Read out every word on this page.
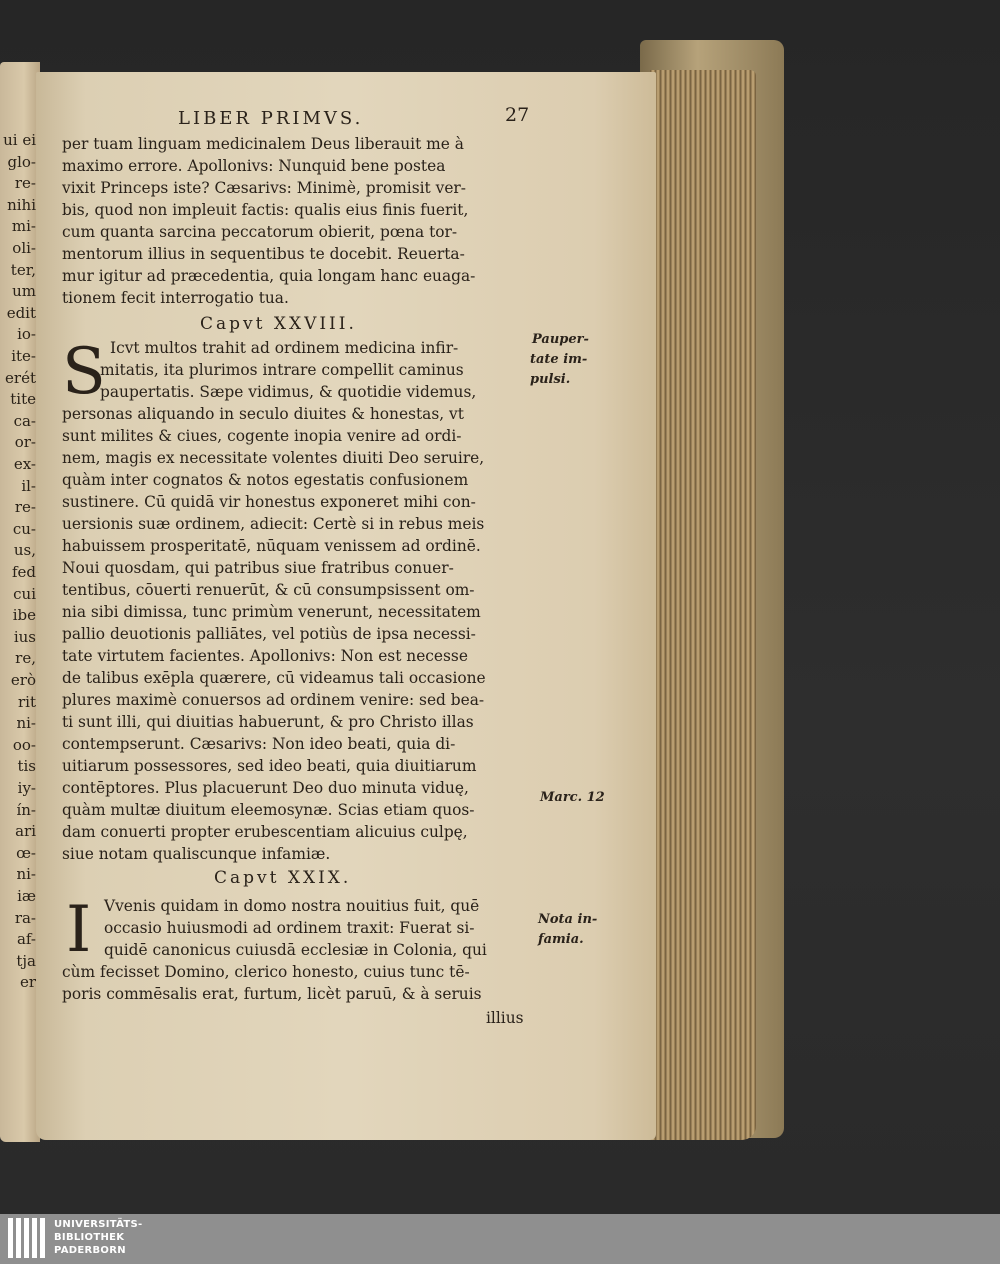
ui ei
glo-
re-
nihi
mi-
oli-
ter,
um
edit
io-
ite-
erét
tite
ca-
or-
ex-
il-
re-
cu-
us,
fed
cui
ibe
ius
re,
erò
rit
ni-
oo-
tis
iy-
ín-
ari
œ-
ni-
iæ
ra-
af-
tja
er
LIBER PRIMVS.	27
per tuam linguam medicinalem Deus liberauit me à
maximo errore. Apollonivs: Nunquid bene postea
vixit Princeps iste? Cæsarivs: Minimè, promisit ver-
bis, quod non impleuit factis: qualis eius finis fuerit,
cum quanta sarcina peccatorum obierit, pœna tor-
mentorum illius in sequentibus te docebit. Reuerta-
mur igitur ad præcedentia, quia longam hanc euaga-
tionem fecit interrogatio tua.
Capvt XXVIII.
S Icvt multos trahit ad ordinem medicina infir-
mitatis, ita plurimos intrare compellit caminus
paupertatis. Sæpe vidimus, & quotidie videmus,
personas aliquando in seculo diuites & honestas, vt
sunt milites & ciues, cogente inopia venire ad ordi-
nem, magis ex necessitate volentes diuiti Deo seruire,
quàm inter cognatos & notos egestatis confusionem
sustinere. Cū quidā vir honestus exponeret mihi con-
uersionis suæ ordinem, adiecit: Certè si in rebus meis
habuissem prosperitatē, nūquam venissem ad ordinē.
Noui quosdam, qui patribus siue fratribus conuer-
tentibus, cōuerti renuerūt, & cū consumpsissent om-
nia sibi dimissa, tunc primùm venerunt, necessitatem
pallio deuotionis palliātes, vel potiùs de ipsa necessi-
tate virtutem facientes. Apollonivs: Non est necesse
de talibus exēpla quærere, cū videamus tali occasione
plures maximè conuersos ad ordinem venire: sed bea-
ti sunt illi, qui diuitias habuerunt, & pro Christo illas
contempserunt. Cæsarivs: Non ideo beati, quia di-
uitiarum possessores, sed ideo beati, quia diuitiarum
contēptores. Plus placuerunt Deo duo minuta viduę,
quàm multæ diuitum eleemosynæ. Scias etiam quos-
dam conuerti propter erubescentiam alicuius culpę,
siue notam qualiscunque infamiæ.
Capvt XXIX.
I Vvenis quidam in domo nostra nouitius fuit, quē
occasio huiusmodi ad ordinem traxit: Fuerat si-
quidē canonicus cuiusdā ecclesiæ in Colonia, qui
cùm fecisset Domino, clerico honesto, cuius tunc tē-
poris commēsalis erat, furtum, licèt paruū, & à seruis
illius
Pauper-
tate im-
pulsi.
Marc. 12
Nota in-
famia.
UNIVERSITÄTS-
BIBLIOTHEK
PADERBORN
